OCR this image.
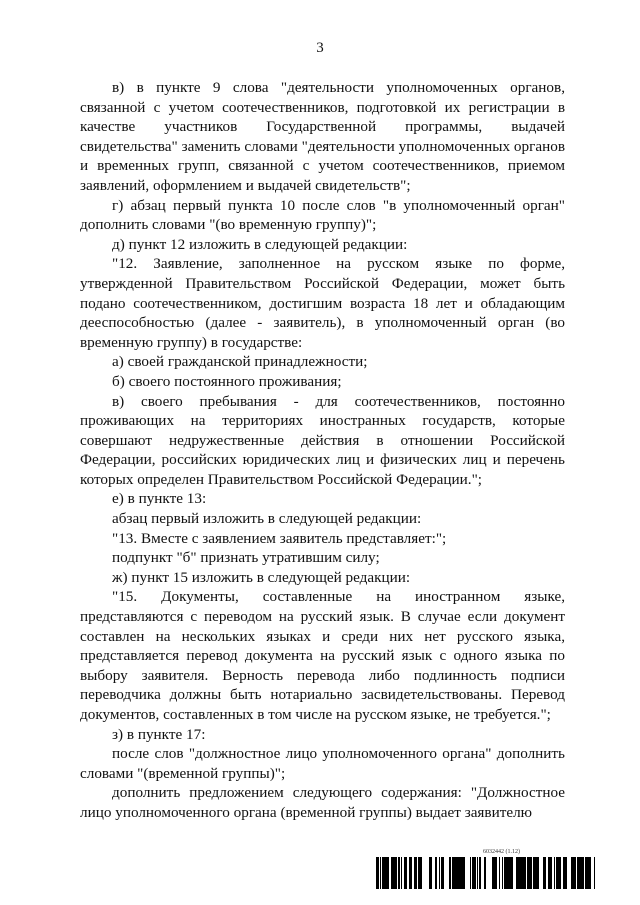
3

в) в пункте 9 слова "деятельности уполномоченных органов, связанной с учетом соотечественников, подготовкой их регистрации в качестве участников Государственной программы, выдачей свидетельства" заменить словами "деятельности уполномоченных органов и временных групп, связанной с учетом соотечественников, приемом заявлений, оформлением и выдачей свидетельств";

г) абзац первый пункта 10 после слов "в уполномоченный орган" дополнить словами "(во временную группу)";

д) пункт 12 изложить в следующей редакции:

"12. Заявление, заполненное на русском языке по форме, утвержденной Правительством Российской Федерации, может быть подано соотечественником, достигшим возраста 18 лет и обладающим дееспособностью (далее - заявитель), в уполномоченный орган (во временную группу) в государстве:

а) своей гражданской принадлежности;

б) своего постоянного проживания;

в) своего пребывания - для соотечественников, постоянно проживающих на территориях иностранных государств, которые совершают недружественные действия в отношении Российской Федерации, российских юридических лиц и физических лиц и перечень которых определен Правительством Российской Федерации.";

е) в пункте 13:

абзац первый изложить в следующей редакции:

"13. Вместе с заявлением заявитель представляет:";

подпункт "б" признать утратившим силу;

ж) пункт 15 изложить в следующей редакции:

"15. Документы, составленные на иностранном языке, представляются с переводом на русский язык. В случае если документ составлен на нескольких языках и среди них нет русского языка, представляется перевод документа на русский язык с одного языка по выбору заявителя. Верность перевода либо подлинность подписи переводчика должны быть нотариально засвидетельствованы. Перевод документов, составленных в том числе на русском языке, не требуется.";

з) в пункте 17:

после слов "должностное лицо уполномоченного органа" дополнить словами "(временной группы)";

дополнить предложением следующего содержания: "Должностное лицо уполномоченного органа (временной группы) выдает заявителю

6032442 (1.12)
